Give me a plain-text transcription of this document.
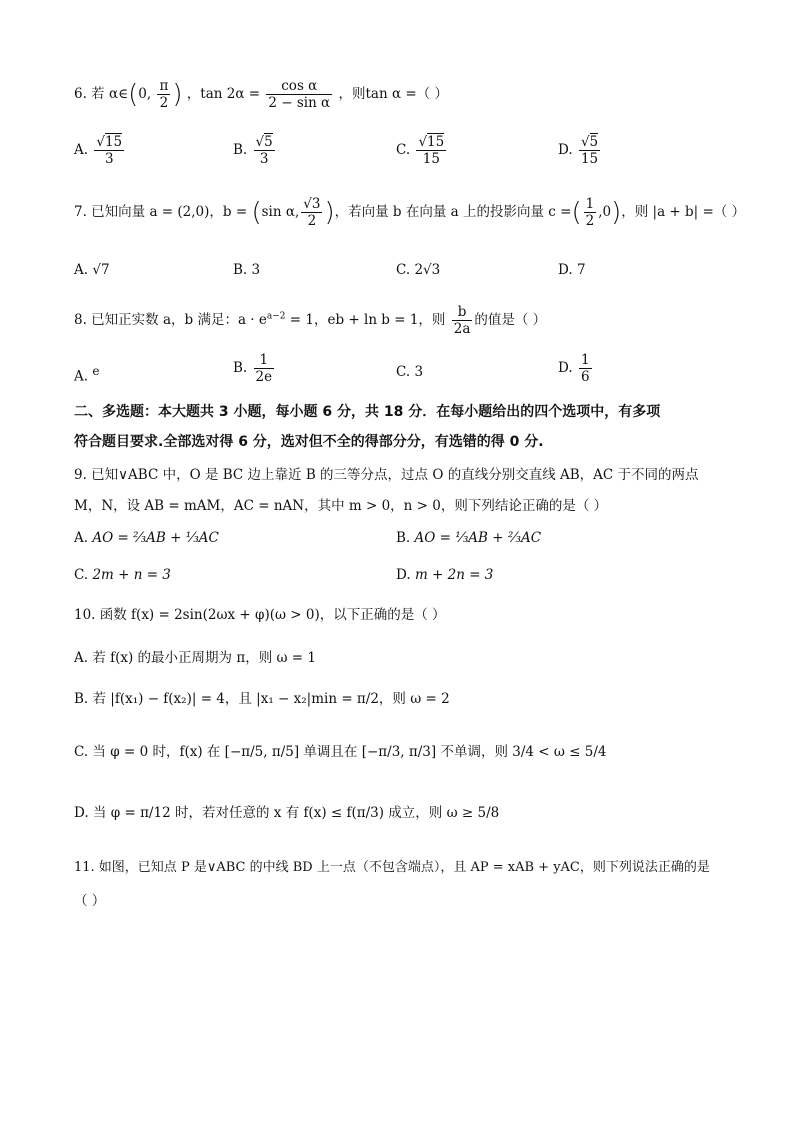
6. 若 α∈(0, $\frac{\pi}{2}$ ) ，$\tan 2\alpha = \frac{\text{cos α}}{\text{2 − sin α}}$ ，则tan α =（ ）
A. $\frac{√15}{3}$	B. $\frac{√5}{3}$	C. $\frac{√15}{15}$	D. $\frac{√5}{15}$
7. 已知向量 a = (2,0)，b = (sin α, $\frac{√3}{2}$ )，若向量 b 在向量 a 上的投影向量 c =( $\frac{1}{2} ,0$)，则 |a + b| =（ ）
A. √7	B. 3	C. 2√3	D. 7
8. 已知正实数 a，b 满足：$a \cdot e^{a-2} = 1$，eb + ln b = 1，则 $\frac{b}{2a}$ 的值是（ ）
A. e	B. $\frac{1}{2e}$	C. 3	D. $\frac{1}{6}$
二、多选题：本大题共 3 小题，每小题 6 分，共 18 分．在每小题给出的四个选项中，有多项
符合题目要求.全部选对得 6 分，选对但不全的得部分分，有选错的得 0 分.
9. 已知∨ABC 中，O 是 BC 边上靠近 B 的三等分点，过点 O 的直线分别交直线 AB，AC 于不同的两点
M，N，设 AB = mAM，AC = nAN，其中 m > 0，n > 0，则下列结论正确的是（ ）
A. AO = ⅔AB + ⅓AC	B. AO = ⅓AB + ⅔AC
C. 2m + n = 3	D. m + 2n = 3
10. 函数 f(x) = 2sin(2ωx + φ)(ω > 0)，以下正确的是（ ）
A. 若 f(x) 的最小正周期为 π，则 ω = 1
B. 若 |f(x₁) − f(x₂)| = 4，且 |x₁ − x₂|min = π/2，则 ω = 2
C. 当 φ = 0 时，f(x) 在 [−π/5, π/5] 单调且在 [−π/3, π/3] 不单调，则 3/4 < ω ≤ 5/4
D. 当 φ = π/12 时，若对任意的 x 有 f(x) ≤ f(π/3) 成立，则 ω ≥ 5/8
11. 如图，已知点 P 是∨ABC 的中线 BD 上一点（不包含端点），且 AP = xAB + yAC，则下列说法正确的是
（ ）
